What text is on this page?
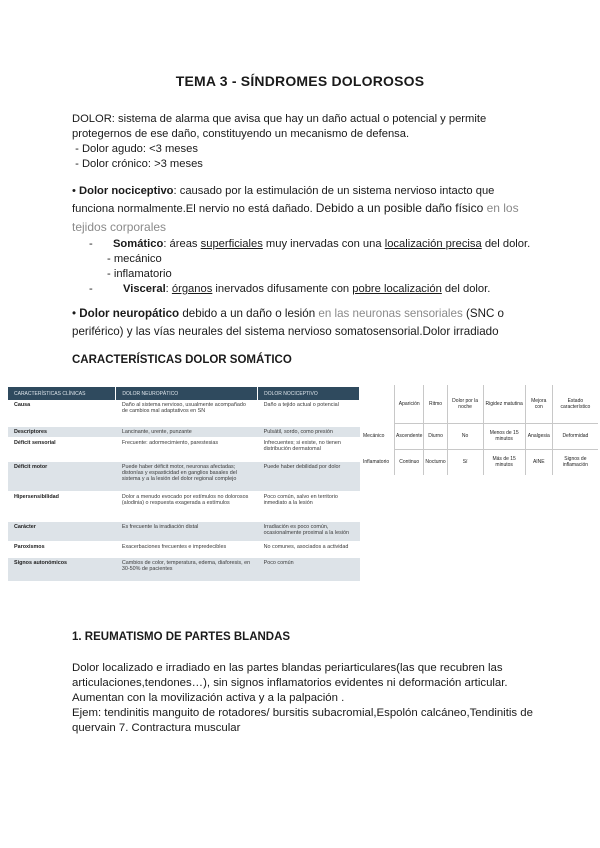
TEMA 3 - SÍNDROMES DOLOROSOS
DOLOR: sistema de alarma que avisa que hay un daño actual o potencial y permite
protegernos de ese daño, constituyendo un mecanismo de defensa.
- Dolor agudo: <3 meses
- Dolor crónico: >3 meses
• Dolor nociceptivo: causado por la estimulación de un sistema nervioso intacto que
funciona normalmente.El nervio no está dañado. Debido a un posible daño físico en los
tejidos corporales
- Somático: áreas superficiales muy inervadas con una localización precisa del dolor.
- mecánico
- inflamatorio
-	Visceral: órganos inervados difusamente con pobre localización del dolor.
• Dolor neuropático debido a un daño o lesión en las neuronas sensoriales (SNC o
periférico) y las vías neurales del sistema nervioso somatosensorial.Dolor irradiado
CARACTERÍSTICAS DOLOR SOMÁTICO
CARACTERÍSTICAS CLÍNICAS	DOLOR NEUROPÁTICO	DOLOR NOCICEPTIVO
Causa	Daño al sistema nervioso, usualmente acompañado de cambios mal adaptativos en SN	Daño a tejido actual o potencial
Descriptores	Lancinante, urente, punzante	Pulsátil, sordo, como presión
Déficit sensorial	Frecuente: adormecimiento, parestesias	Infrecuentes; si existe, no tienen distribución dermatomal
Déficit motor	Puede haber déficit motor, neuronas afectadas; distonías y espasticidad en ganglios basales del sistema y a la lesión del dolor regional complejo	Puede haber debilidad por dolor
Hipersensibilidad	Dolor a menudo evocado por estímulos no dolorosos (alodinia) o respuesta exagerada a estímulos	Poco común, salvo en territorio inmediato a la lesión
Carácter	Es frecuente la irradiación distal	Irradiación es poco común, ocasionalmente proximal a la lesión
Paroxismos	Exacerbaciones frecuentes e impredecibles	No comunes, asociados a actividad
Signos autonómicos	Cambios de color, temperatura, edema, diaforesis, en 30-50% de pacientes	Poco común
	Aparición	Ritmo	Dolor por la noche	Rigidez matutina	Mejora con	Estado característico
Mecánico	Ascendente	Diurno	No	Menos de 15 minutos	Analgesia	Deformidad
Inflamatorio	Continuo	Nocturno	Sí	Más de 15 minutos	AINE	Signos de inflamación
1. REUMATISMO DE PARTES BLANDAS
Dolor localizado e irradiado en las partes blandas periarticulares(las que recubren las
articulaciones,tendones…), sin signos inflamatorios evidentes ni deformación articular.
Aumentan con la movilización activa y a la palpación .
Ejem: tendinitis manguito de rotadores/ bursitis subacromial,Espolón calcáneo,Tendinitis de
quervain 7. Contractura muscular
